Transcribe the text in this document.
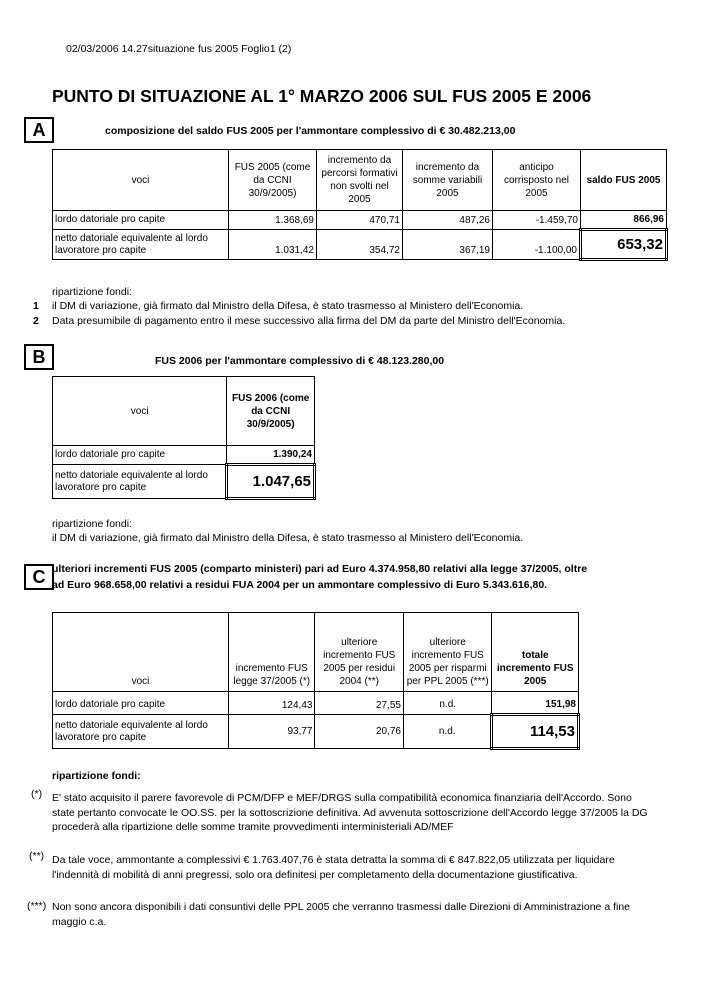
02/03/2006 14.27situazione fus 2005 Foglio1 (2)
PUNTO DI SITUAZIONE AL 1° MARZO 2006 SUL FUS 2005 E 2006
A	composizione del saldo FUS 2005 per l'ammontare complessivo di € 30.482.213,00
voci	FUS 2005 (come da CCNI 30/9/2005)	incremento da percorsi formativi non svolti nel 2005	incremento da somme variabili 2005	anticipo corrisposto nel 2005	saldo FUS 2005
lordo datoriale pro capite	1.368,69	470,71	487,26	-1.459,70	866,96
netto datoriale equivalente al lordo lavoratore pro capite	1.031,42	354,72	367,19	-1.100,00	653,32
ripartizione fondi:
1 il DM di variazione, già firmato dal Ministro della Difesa, è stato trasmesso al Ministero dell'Economia.
2 Data presumibile di pagamento entro il mese successivo alla firma del DM da parte del Ministro dell'Economia.
B	FUS 2006 per l'ammontare complessivo di € 48.123.280,00
voci	FUS 2006 (come da CCNI 30/9/2005)
lordo datoriale pro capite	1.390,24
netto datoriale equivalente al lordo lavoratore pro capite	1.047,65
ripartizione fondi:
il DM di variazione, già firmato dal Ministro della Difesa, è stato trasmesso al Ministero dell'Economia.
C ulteriori incrementi FUS 2005 (comparto ministeri) pari ad Euro 4.374.958,80 relativi alla legge 37/2005, oltre
ad Euro 968.658,00 relativi a residui FUA 2004 per un ammontare complessivo di Euro 5.343.616,80.
voci	incremento FUS legge 37/2005 (*)	ulteriore incremento FUS 2005 per residui 2004 (**)	ulteriore incremento FUS 2005 per risparmi per PPL 2005 (***)	totale incremento FUS 2005
lordo datoriale pro capite	124,43	27,55	n.d.	151,98
netto datoriale equivalente al lordo lavoratore pro capite	93,77	20,76	n.d.	114,53
ripartizione fondi:
(*) E' stato acquisito il parere favorevole di PCM/DFP e MEF/DRGS sulla compatibilità economica finanziaria dell'Accordo. Sono state pertanto convocate le OO.SS. per la sottoscrizione definitiva. Ad avvenuta sottoscrizione dell'Accordo legge 37/2005 la DG procederà alla ripartizione delle somme tramite provvedimenti interministeriali AD/MEF
(**) Da tale voce, ammontante a complessivi € 1.763.407,76 è stata detratta la somma di € 847.822,05 utilizzata per liquidare l'indennità di mobilità di anni pregressi, solo ora definitesi per completamento della documentazione giustificativa.
(***) Non sono ancora disponibili i dati consuntivi delle PPL 2005 che verranno trasmessi dalle Direzioni di Amministrazione a fine maggio c.a.
